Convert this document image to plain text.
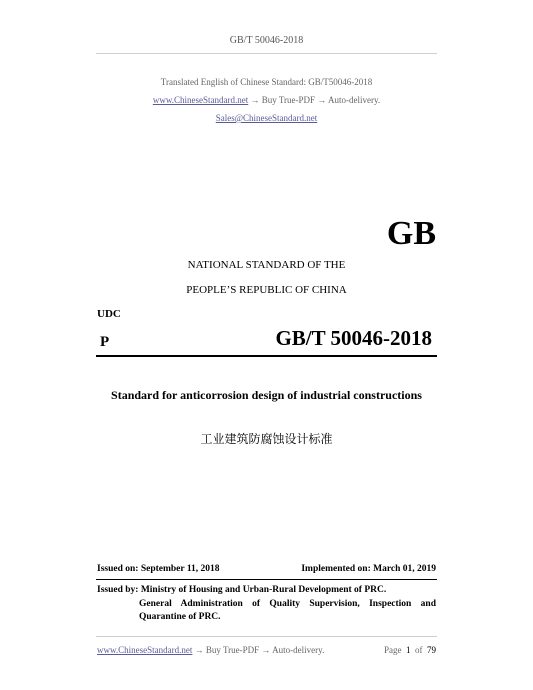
GB/T 50046-2018
Translated English of Chinese Standard: GB/T50046-2018
www.ChineseStandard.net → Buy True-PDF → Auto-delivery.
Sales@ChineseStandard.net
GB
NATIONAL STANDARD OF THE
PEOPLE’S REPUBLIC OF CHINA
UDC
P	GB/T 50046-2018
Standard for anticorrosion design of industrial constructions
工业建筑防腐蚀设计标准
Issued on: September 11, 2018	Implemented on: March 01, 2019
Issued by: Ministry of Housing and Urban-Rural Development of PRC.
General Administration of Quality Supervision, Inspection and
Quarantine of PRC.
www.ChineseStandard.net → Buy True-PDF → Auto-delivery.	Page 1 of 79
